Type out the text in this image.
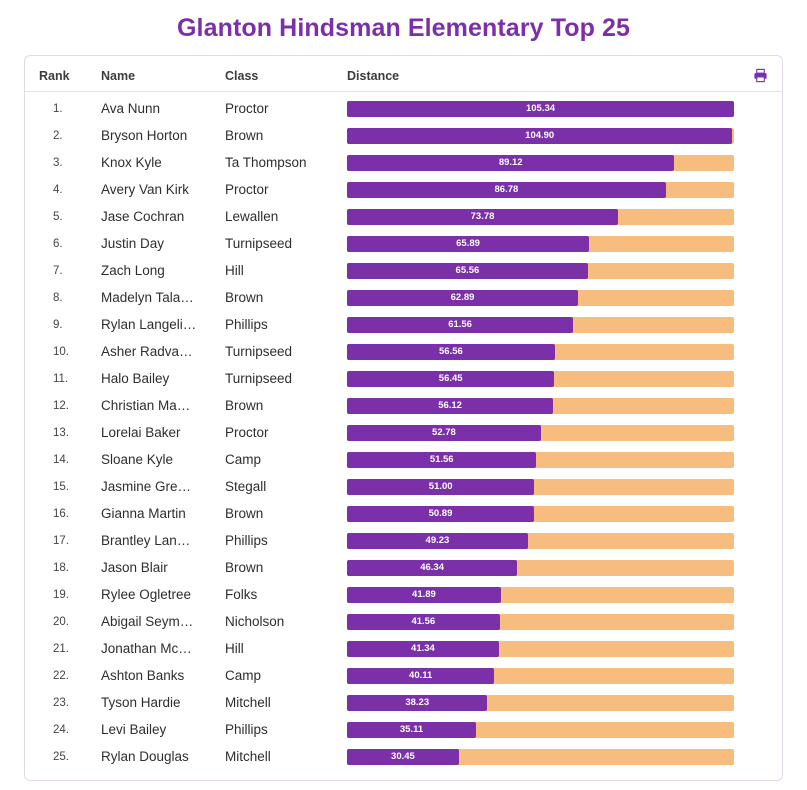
Glanton Hindsman Elementary Top 25
Rank	Name	Class	Distance
1.	Ava Nunn	Proctor	105.34
2.	Bryson Horton	Brown	104.90
3.	Knox Kyle	Ta Thompson	89.12
4.	Avery Van Kirk	Proctor	86.78
5.	Jase Cochran	Lewallen	73.78
6.	Justin Day	Turnipseed	65.89
7.	Zach Long	Hill	65.56
8.	Madelyn Tala…	Brown	62.89
9.	Rylan Langeli…	Phillips	61.56
10.	Asher Radva…	Turnipseed	56.56
11.	Halo Bailey	Turnipseed	56.45
12.	Christian Ma…	Brown	56.12
13.	Lorelai Baker	Proctor	52.78
14.	Sloane Kyle	Camp	51.56
15.	Jasmine Gre…	Stegall	51.00
16.	Gianna Martin	Brown	50.89
17.	Brantley Lan…	Phillips	49.23
18.	Jason Blair	Brown	46.34
19.	Rylee Ogletree	Folks	41.89
20.	Abigail Seym…	Nicholson	41.56
21.	Jonathan Mc…	Hill	41.34
22.	Ashton Banks	Camp	40.11
23.	Tyson Hardie	Mitchell	38.23
24.	Levi Bailey	Phillips	35.11
25.	Rylan Douglas	Mitchell	30.45
